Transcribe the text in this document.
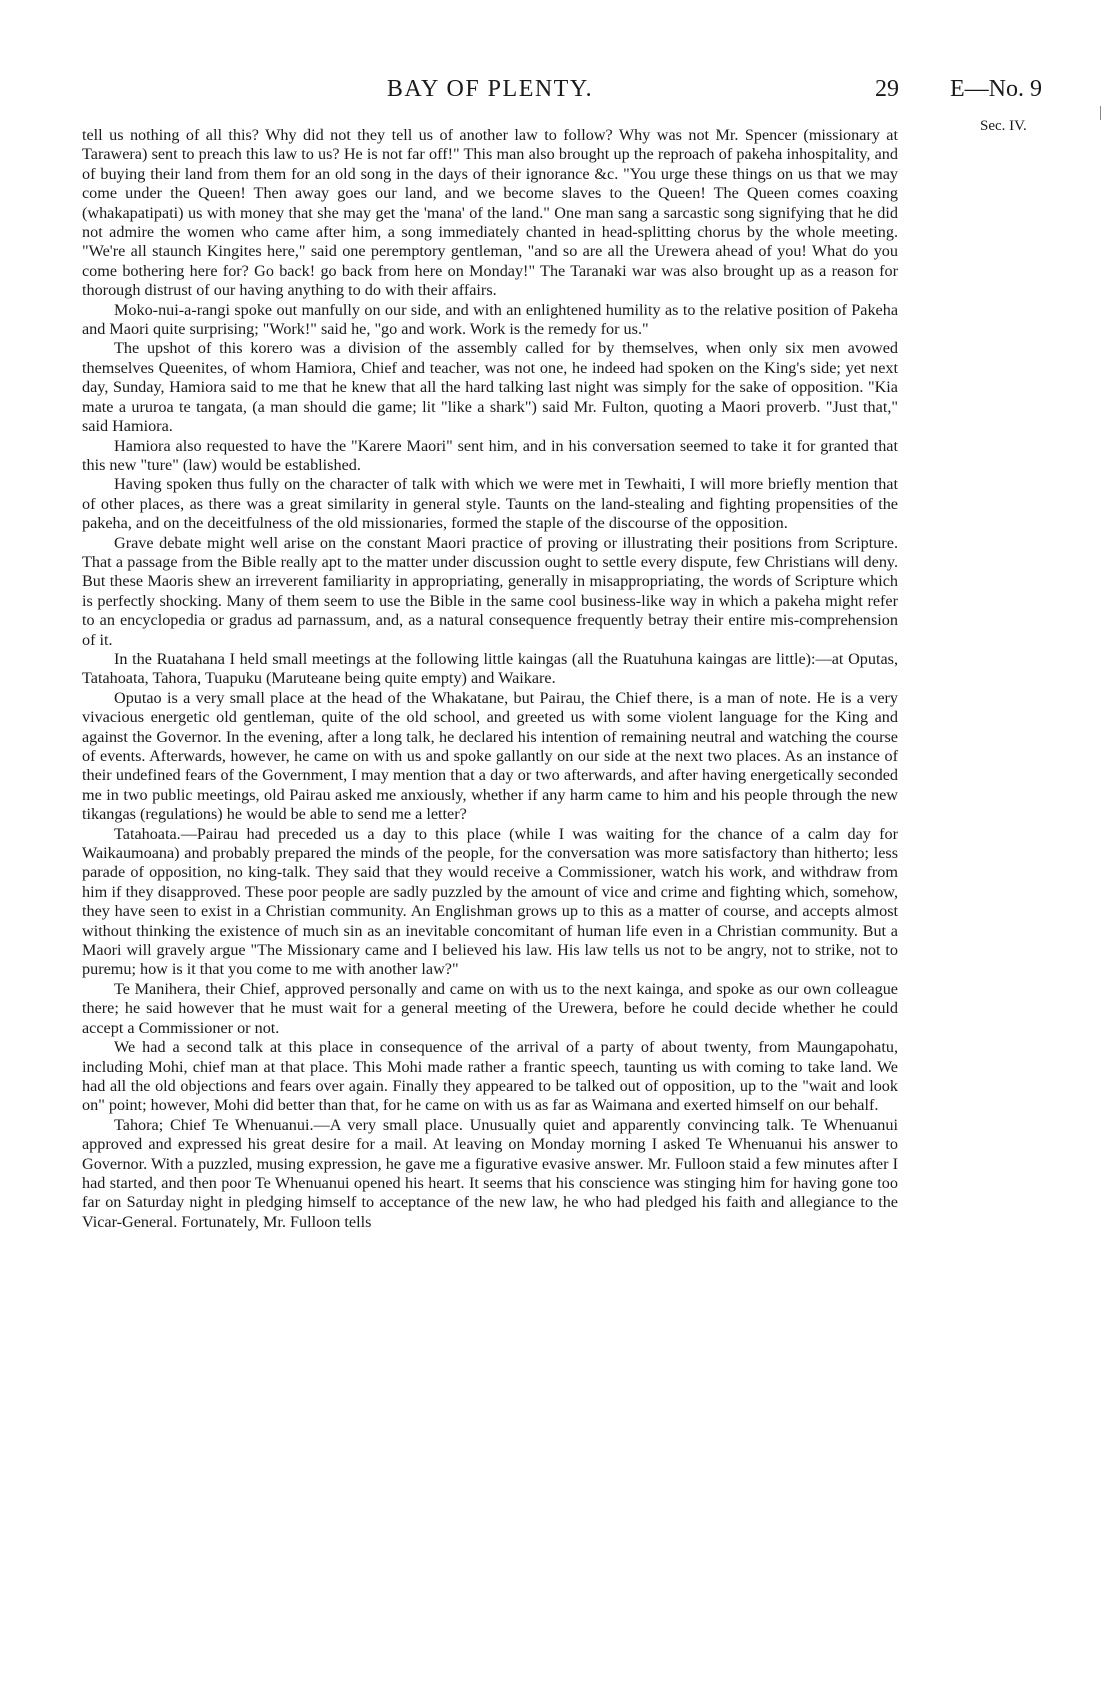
BAY OF PLENTY.	29 E—No. 9
Sec. IV.

tell us nothing of all this? Why did not they tell us of another law to follow? Why was not Mr. Spencer (missionary at Tarawera) sent to preach this law to us? He is not far off!" This man also brought up the reproach of pakeha inhospitality, and of buying their land from them for an old song in the days of their ignorance &c. "You urge these things on us that we may come under the Queen! Then away goes our land, and we become slaves to the Queen! The Queen comes coaxing (whakapatipati) us with money that she may get the 'mana' of the land." One man sang a sarcastic song signifying that he did not admire the women who came after him, a song immediately chanted in head-splitting chorus by the whole meeting. "We're all staunch Kingites here," said one peremptory gentleman, "and so are all the Urewera ahead of you! What do you come bothering here for? Go back! go back from here on Monday!" The Taranaki war was also brought up as a reason for thorough distrust of our having anything to do with their affairs.

Moko-nui-a-rangi spoke out manfully on our side, and with an enlightened humility as to the relative position of Pakeha and Maori quite surprising; "Work!" said he, "go and work. Work is the remedy for us."

The upshot of this korero was a division of the assembly called for by themselves, when only six men avowed themselves Queenites, of whom Hamiora, Chief and teacher, was not one, he indeed had spoken on the King's side; yet next day, Sunday, Hamiora said to me that he knew that all the hard talking last night was simply for the sake of opposition. "Kia mate a ururoa te tangata, (a man should die game; lit "like a shark") said Mr. Fulton, quoting a Maori proverb. "Just that," said Hamiora.

Hamiora also requested to have the "Karere Maori" sent him, and in his conversation seemed to take it for granted that this new "ture" (law) would be established.

Having spoken thus fully on the character of talk with which we were met in Tewhaiti, I will more briefly mention that of other places, as there was a great similarity in general style. Taunts on the land-stealing and fighting propensities of the pakeha, and on the deceitfulness of the old missionaries, formed the staple of the discourse of the opposition.

Grave debate might well arise on the constant Maori practice of proving or illustrating their positions from Scripture. That a passage from the Bible really apt to the matter under discussion ought to settle every dispute, few Christians will deny. But these Maoris shew an irreverent familiarity in appropriating, generally in misappropriating, the words of Scripture which is perfectly shocking. Many of them seem to use the Bible in the same cool business-like way in which a pakeha might refer to an encyclopedia or gradus ad parnassum, and, as a natural consequence frequently betray their entire mis-comprehension of it.

In the Ruatahana I held small meetings at the following little kaingas (all the Ruatuhuna kaingas are little):—at Oputas, Tatahoata, Tahora, Tuapuku (Maruteane being quite empty) and Waikare.

Oputao is a very small place at the head of the Whakatane, but Pairau, the Chief there, is a man of note. He is a very vivacious energetic old gentleman, quite of the old school, and greeted us with some violent language for the King and against the Governor. In the evening, after a long talk, he declared his intention of remaining neutral and watching the course of events. Afterwards, however, he came on with us and spoke gallantly on our side at the next two places. As an instance of their undefined fears of the Government, I may mention that a day or two afterwards, and after having energetically seconded me in two public meetings, old Pairau asked me anxiously, whether if any harm came to him and his people through the new tikangas (regulations) he would be able to send me a letter?

Tatahoata.—Pairau had preceded us a day to this place (while I was waiting for the chance of a calm day for Waikaumoana) and probably prepared the minds of the people, for the conversation was more satisfactory than hitherto; less parade of opposition, no king-talk. They said that they would receive a Commissioner, watch his work, and withdraw from him if they disapproved. These poor people are sadly puzzled by the amount of vice and crime and fighting which, somehow, they have seen to exist in a Christian community. An Englishman grows up to this as a matter of course, and accepts almost without thinking the existence of much sin as an inevitable concomitant of human life even in a Christian community. But a Maori will gravely argue "The Missionary came and I believed his law. His law tells us not to be angry, not to strike, not to puremu; how is it that you come to me with another law?"

Te Manihera, their Chief, approved personally and came on with us to the next kainga, and spoke as our own colleague there; he said however that he must wait for a general meeting of the Urewera, before he could decide whether he could accept a Commissioner or not.

We had a second talk at this place in consequence of the arrival of a party of about twenty, from Maungapohatu, including Mohi, chief man at that place. This Mohi made rather a frantic speech, taunting us with coming to take land. We had all the old objections and fears over again. Finally they appeared to be talked out of opposition, up to the "wait and look on" point; however, Mohi did better than that, for he came on with us as far as Waimana and exerted himself on our behalf.

Tahora; Chief Te Whenuanui.—A very small place. Unusually quiet and apparently convincing talk. Te Whenuanui approved and expressed his great desire for a mail. At leaving on Monday morning I asked Te Whenuanui his answer to Governor. With a puzzled, musing expression, he gave me a figurative evasive answer. Mr. Fulloon staid a few minutes after I had started, and then poor Te Whenuanui opened his heart. It seems that his conscience was stinging him for having gone too far on Saturday night in pledging himself to acceptance of the new law, he who had pledged his faith and allegiance to the Vicar-General. Fortunately, Mr. Fulloon tells
